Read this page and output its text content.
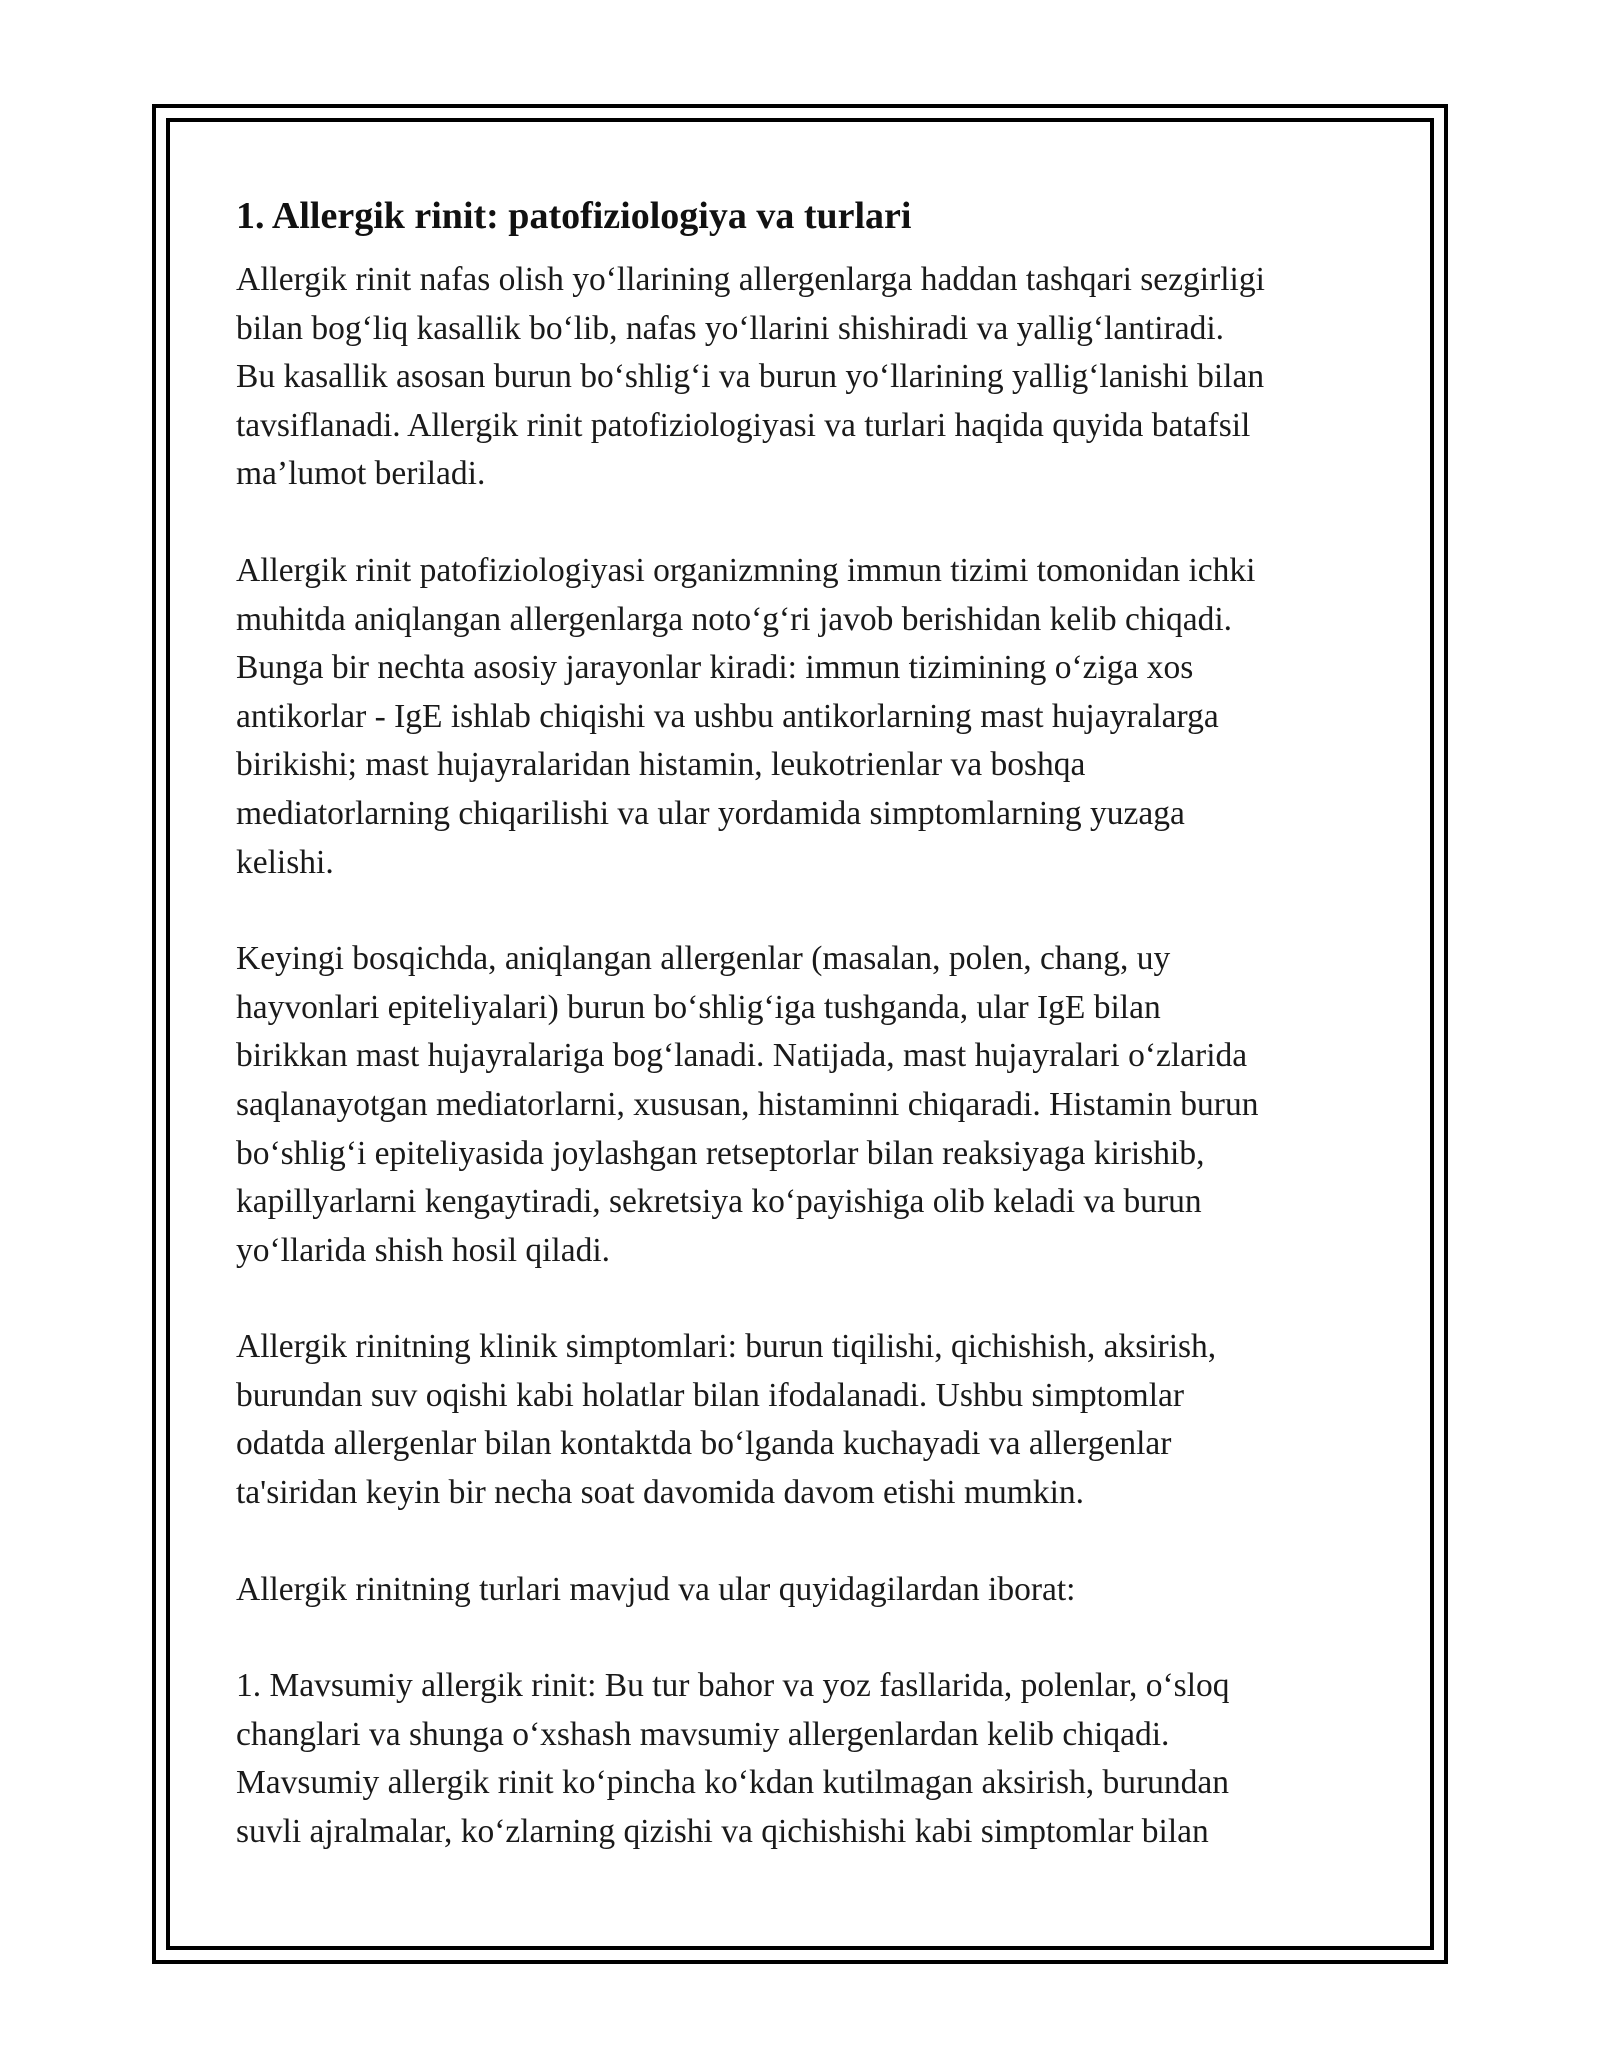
1. Allergik rinit: patofiziologiya va turlari

Allergik rinit nafas olish yo‘llarining allergenlarga haddan tashqari sezgirligi
bilan bog‘liq kasallik bo‘lib, nafas yo‘llarini shishiradi va yallig‘lantiradi.
Bu kasallik asosan burun bo‘shlig‘i va burun yo‘llarining yallig‘lanishi bilan
tavsiflanadi. Allergik rinit patofiziologiyasi va turlari haqida quyida batafsil
ma’lumot beriladi.

Allergik rinit patofiziologiyasi organizmning immun tizimi tomonidan ichki
muhitda aniqlangan allergenlarga noto‘g‘ri javob berishidan kelib chiqadi.
Bunga bir nechta asosiy jarayonlar kiradi: immun tizimining o‘ziga xos
antikorlar - IgE ishlab chiqishi va ushbu antikorlarning mast hujayralarga
birikishi; mast hujayralaridan histamin, leukotrienlar va boshqa
mediatorlarning chiqarilishi va ular yordamida simptomlarning yuzaga
kelishi.

Keyingi bosqichda, aniqlangan allergenlar (masalan, polen, chang, uy
hayvonlari epiteliyalari) burun bo‘shlig‘iga tushganda, ular IgE bilan
birikkan mast hujayralariga bog‘lanadi. Natijada, mast hujayralari o‘zlarida
saqlanayotgan mediatorlarni, xususan, histaminni chiqaradi. Histamin burun
bo‘shlig‘i epiteliyasida joylashgan retseptorlar bilan reaksiyaga kirishib,
kapillyarlarni kengaytiradi, sekretsiya ko‘payishiga olib keladi va burun
yo‘llarida shish hosil qiladi.

Allergik rinitning klinik simptomlari: burun tiqilishi, qichishish, aksirish,
burundan suv oqishi kabi holatlar bilan ifodalanadi. Ushbu simptomlar
odatda allergenlar bilan kontaktda bo‘lganda kuchayadi va allergenlar
ta'siridan keyin bir necha soat davomida davom etishi mumkin.

Allergik rinitning turlari mavjud va ular quyidagilardan iborat:

1. Mavsumiy allergik rinit: Bu tur bahor va yoz fasllarida, polenlar, o‘sloq
changlari va shunga o‘xshash mavsumiy allergenlardan kelib chiqadi.
Mavsumiy allergik rinit ko‘pincha ko‘kdan kutilmagan aksirish, burundan
suvli ajralmalar, ko‘zlarning qizishi va qichishishi kabi simptomlar bilan
